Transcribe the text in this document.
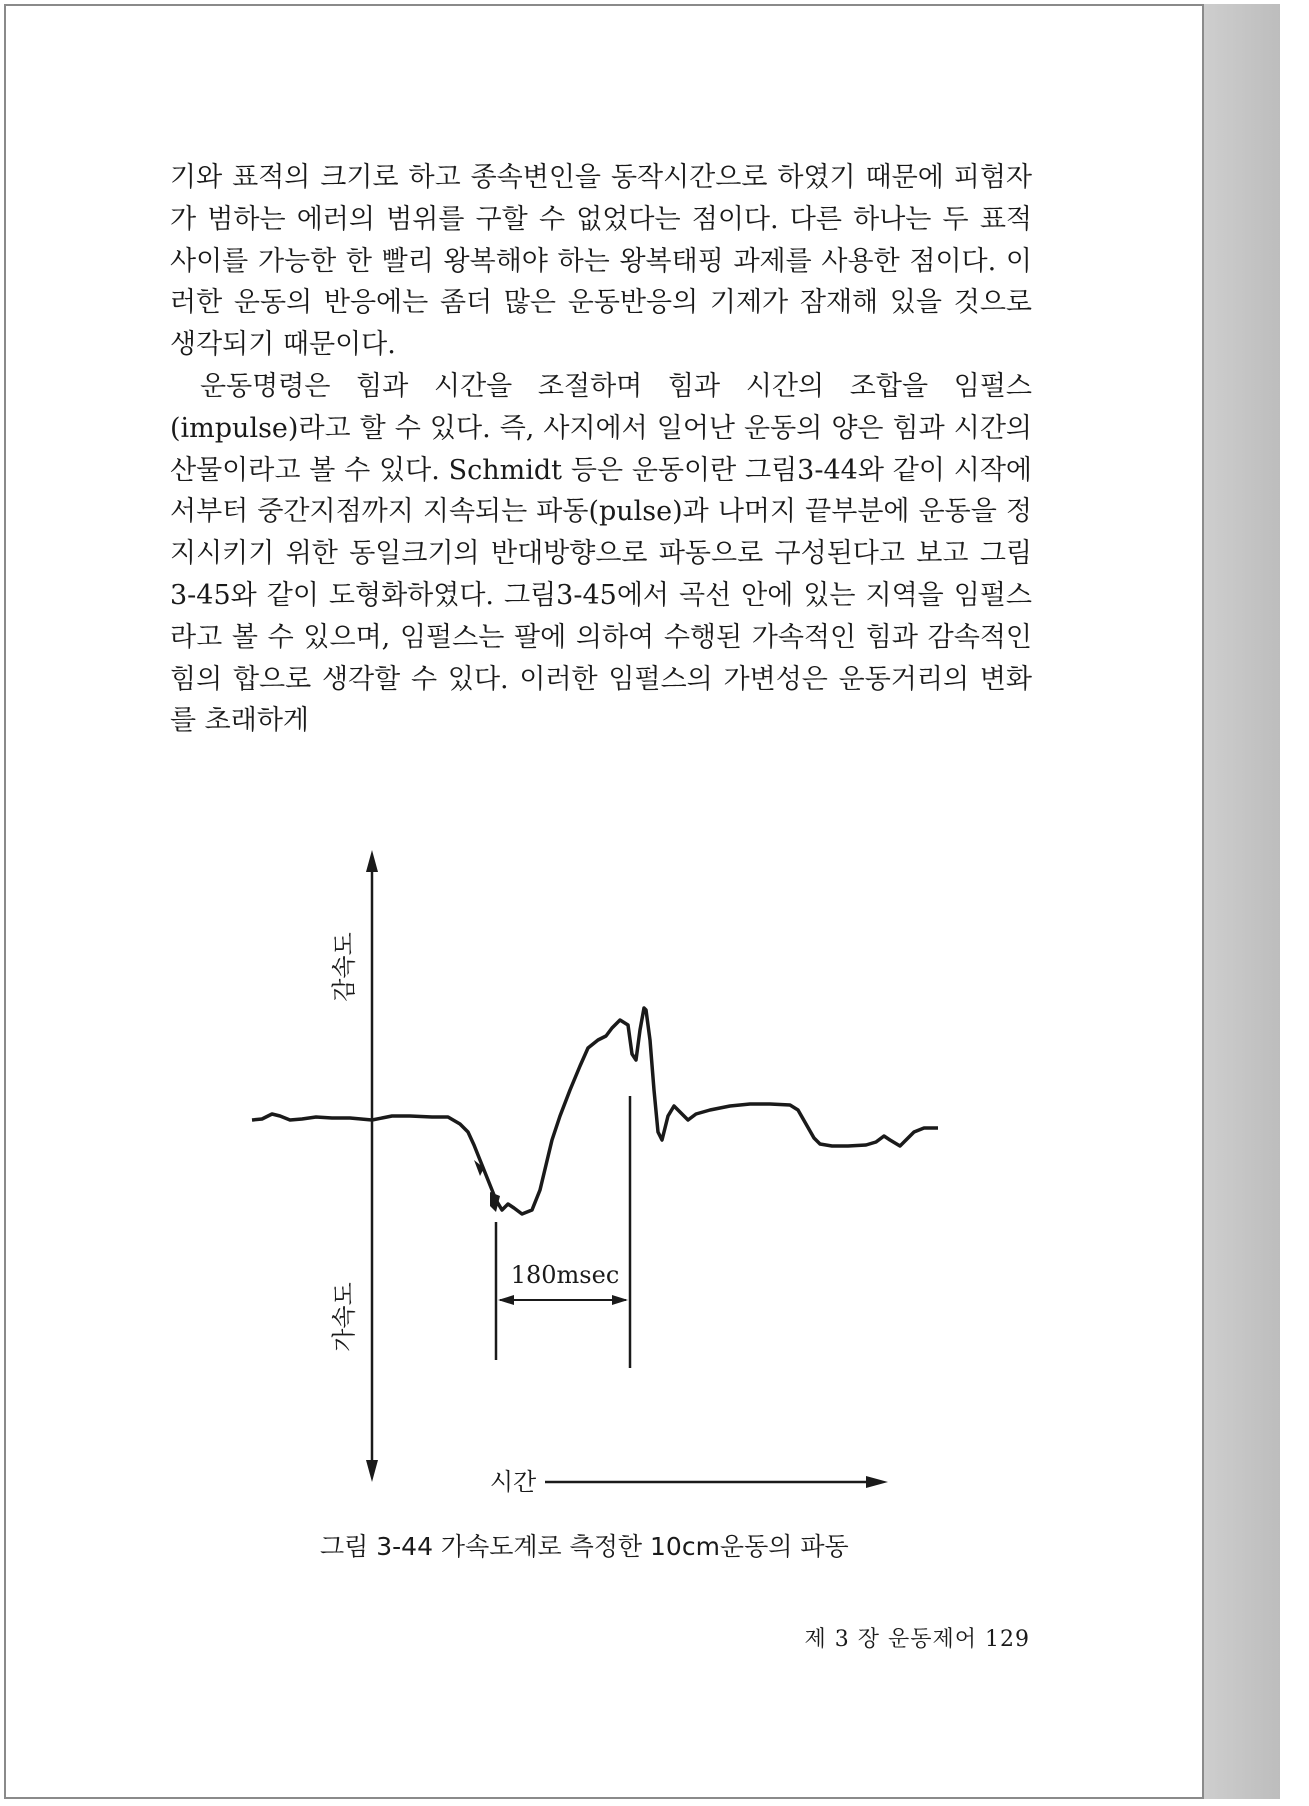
기와 표적의 크기로 하고 종속변인을 동작시간으로 하였기 때문에 피험자가 범하는 에러의 범위를 구할 수 없었다는 점이다. 다른 하나는 두 표적 사이를 가능한 한 빨리 왕복해야 하는 왕복태핑 과제를 사용한 점이다. 이러한 운동의 반응에는 좀더 많은 운동반응의 기제가 잠재해 있을 것으로 생각되기 때문이다.

운동명령은 힘과 시간을 조절하며 힘과 시간의 조합을 임펄스(impulse)라고 할 수 있다. 즉, 사지에서 일어난 운동의 양은 힘과 시간의 산물이라고 볼 수 있다. Schmidt 등은 운동이란 그림3-44와 같이 시작에서부터 중간지점까지 지속되는 파동(pulse)과 나머지 끝부분에 운동을 정지시키기 위한 동일크기의 반대방향으로 파동으로 구성된다고 보고 그림3-45와 같이 도형화하였다. 그림3-45에서 곡선 안에 있는 지역을 임펄스라고 볼 수 있으며, 임펄스는 팔에 의하여 수행된 가속적인 힘과 감속적인 힘의 합으로 생각할 수 있다. 이러한 임펄스의 가변성은 운동거리의 변화를 초래하게

감속도
가속도
180msec
시간
그림 3-44 가속도계로 측정한 10cm운동의 파동
제 3 장 운동제어 129
